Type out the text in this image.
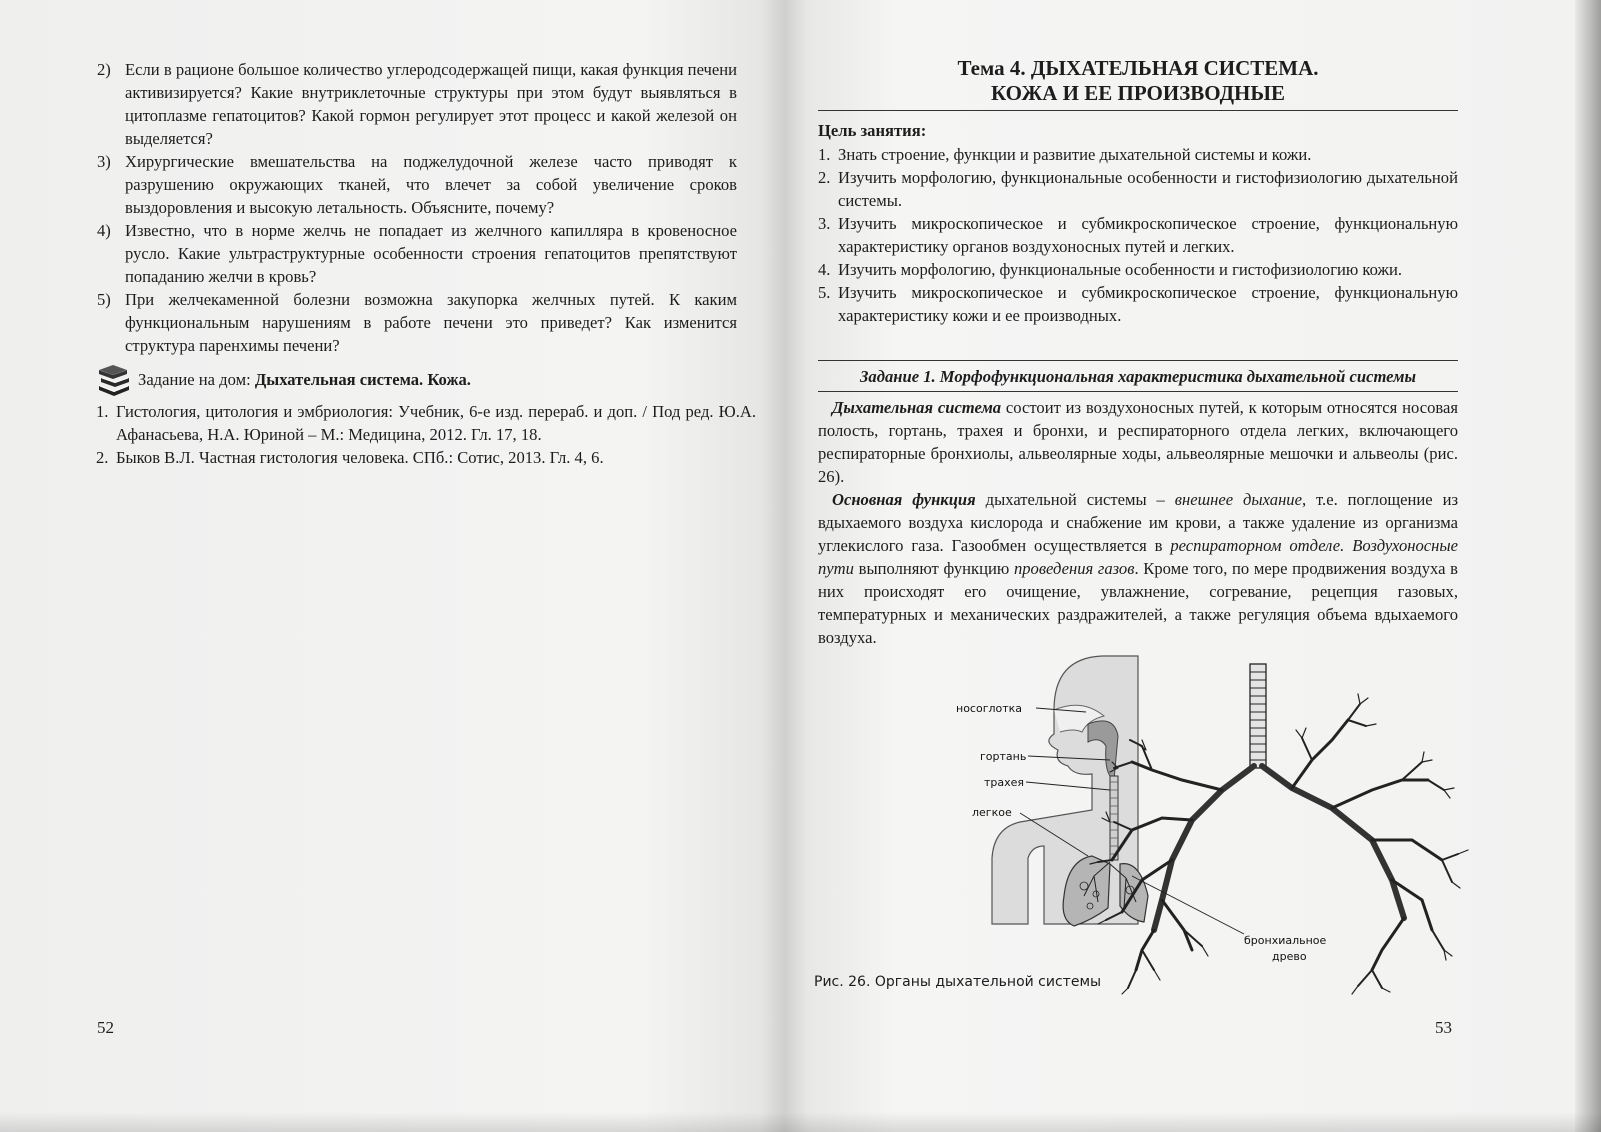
2) Если в рационе большое количество углеродсодержащей пищи, какая функция печени активизируется? Какие внутриклеточные структуры при этом будут выявляться в цитоплазме гепатоцитов? Какой гормон регулирует этот процесс и какой железой он выделяется?
3) Хирургические вмешательства на поджелудочной железе часто приводят к разрушению окружающих тканей, что влечет за собой увеличение сроков выздоровления и высокую летальность. Объясните, почему?
4) Известно, что в норме желчь не попадает из желчного капилляра в кровеносное русло. Какие ультраструктурные особенности строения гепатоцитов препятствуют попаданию желчи в кровь?
5) При желчекаменной болезни возможна закупорка желчных путей. К каким функциональным нарушениям в работе печени это приведет? Как изменится структура паренхимы печени?
Задание на дом:
Дыхательная система. Кожа.
1. Гистология, цитология и эмбриология: Учебник, 6-е изд. перераб. и доп. / Под ред. Ю.А. Афанасьева, Н.А. Юриной – М.: Медицина, 2012. Гл. 17, 18.
2. Быков В.Л. Частная гистология человека. СПб.: Сотис, 2013. Гл. 4, 6.
52
Тема 4. ДЫХАТЕЛЬНАЯ СИСТЕМА.
КОЖА И ЕЕ ПРОИЗВОДНЫЕ
Цель занятия:
1. Знать строение, функции и развитие дыхательной системы и кожи.
2. Изучить морфологию, функциональные особенности и гистофизиологию дыхательной системы.
3. Изучить микроскопическое и субмикроскопическое строение, функциональную характеристику органов воздухоносных путей и легких.
4. Изучить морфологию, функциональные особенности и гистофизиологию кожи.
5. Изучить микроскопическое и субмикроскопическое строение, функциональную характеристику кожи и ее производных.
Задание 1. Морфофункциональная характеристика дыхательной системы
Дыхательная система состоит из воздухоносных путей, к которым относятся носовая полость, гортань, трахея и бронхи, и респираторного отдела легких, включающего респираторные бронхиолы, альвеолярные ходы, альвеолярные мешочки и альвеолы (рис. 26).
Основная функция дыхательной системы – внешнее дыхание, т.е. поглощение из вдыхаемого воздуха кислорода и снабжение им крови, а также удаление из организма углекислого газа. Газообмен осуществляется в респираторном отделе. Воздухоносные пути выполняют функцию проведения газов. Кроме того, по мере продвижения воздуха в них происходят его очищение, увлажнение, согревание, рецепция газовых, температурных и механических раздражителей, а также регуляция объема вдыхаемого воздуха.
носоглотка
гортань
трахея
легкое
бронхиальное
древо
Рис. 26. Органы дыхательной системы
53
